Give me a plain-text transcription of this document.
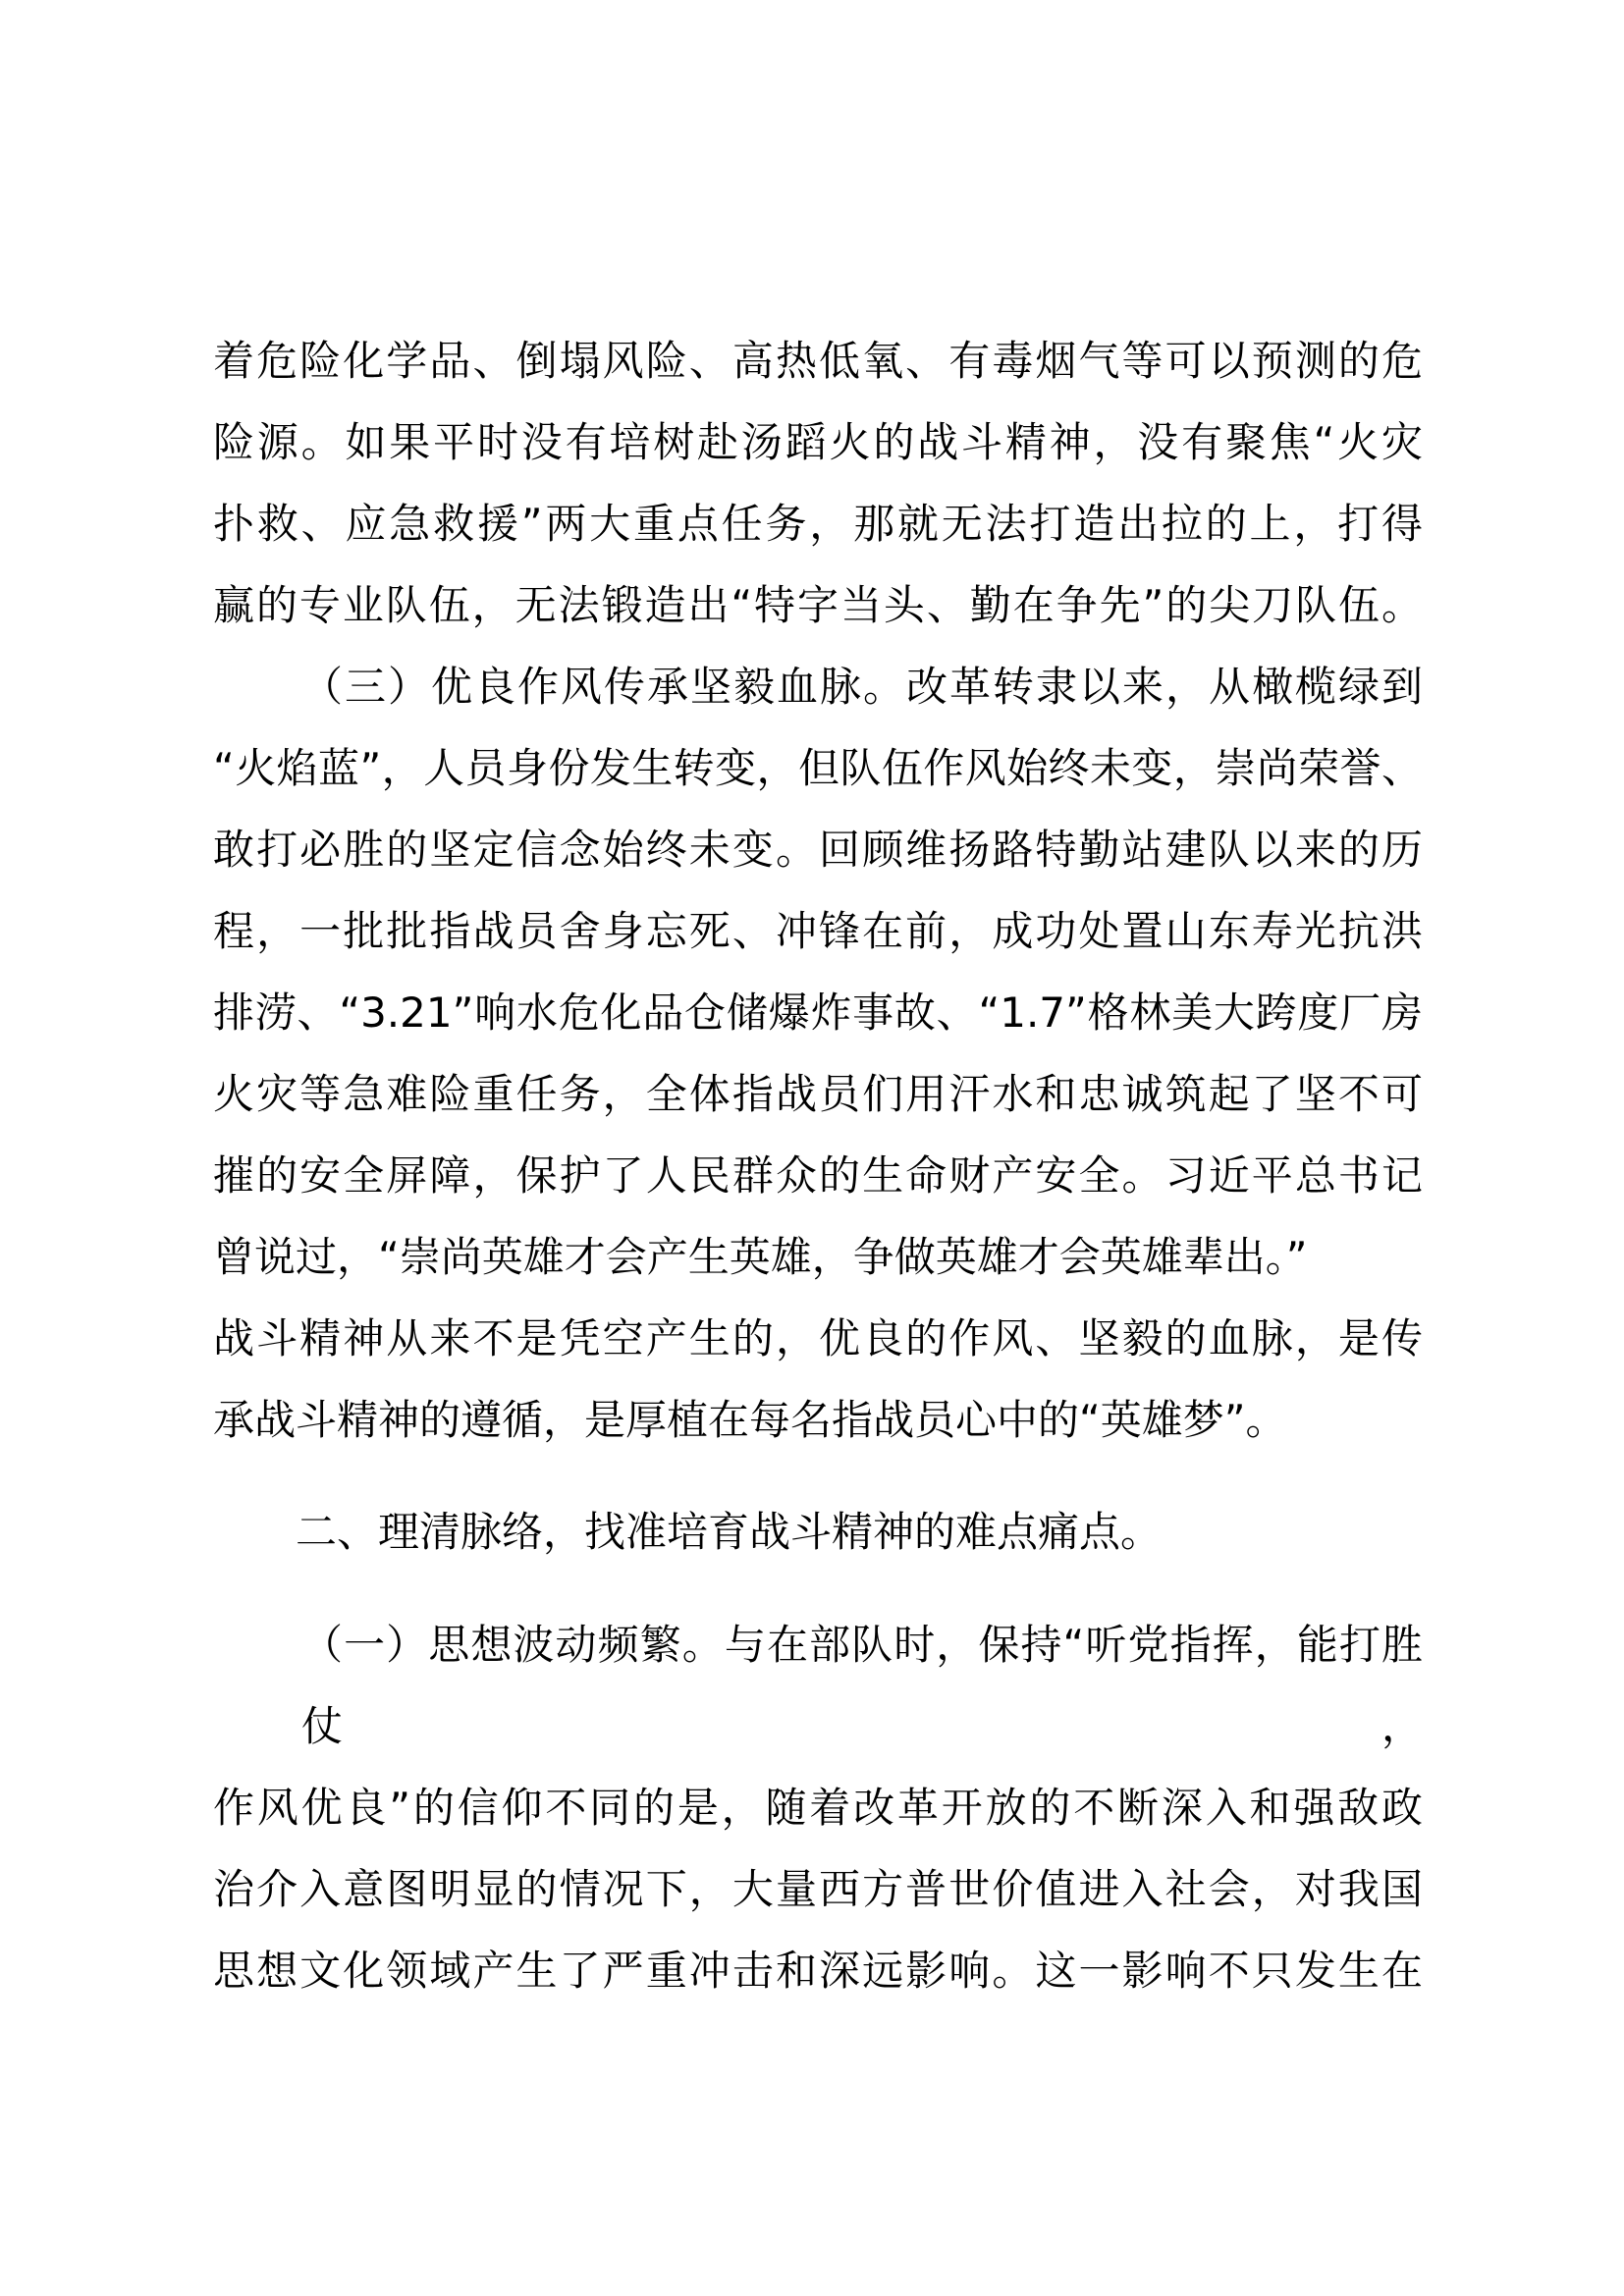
着危险化学品、倒塌风险、高热低氧、有毒烟气等可以预测的危
险源。如果平时没有培树赴汤蹈火的战斗精神，没有聚焦“火灾
扑救、应急救援”两大重点任务，那就无法打造出拉的上，打得
赢的专业队伍，无法锻造出“特字当头、勤在争先”的尖刀队伍。
（三）优良作风传承坚毅血脉。改革转隶以来，从橄榄绿到
“火焰蓝”，人员身份发生转变，但队伍作风始终未变，崇尚荣誉、
敢打必胜的坚定信念始终未变。回顾维扬路特勤站建队以来的历
程，一批批指战员舍身忘死、冲锋在前，成功处置山东寿光抗洪
排涝、“3.21”响水危化品仓储爆炸事故、“1.7”格林美大跨度厂房
火灾等急难险重任务，全体指战员们用汗水和忠诚筑起了坚不可
摧的安全屏障，保护了人民群众的生命财产安全。习近平总书记
曾说过，“崇尚英雄才会产生英雄，争做英雄才会英雄辈出。”
战斗精神从来不是凭空产生的，优良的作风、坚毅的血脉，是传
承战斗精神的遵循，是厚植在每名指战员心中的“英雄梦”。
二、理清脉络，找准培育战斗精神的难点痛点。
（一）思想波动频繁。与在部队时，保持“听党指挥，能打胜仗，
作风优良”的信仰不同的是，随着改革开放的不断深入和强敌政
治介入意图明显的情况下，大量西方普世价值进入社会，对我国
思想文化领域产生了严重冲击和深远影响。这一影响不只发生在
